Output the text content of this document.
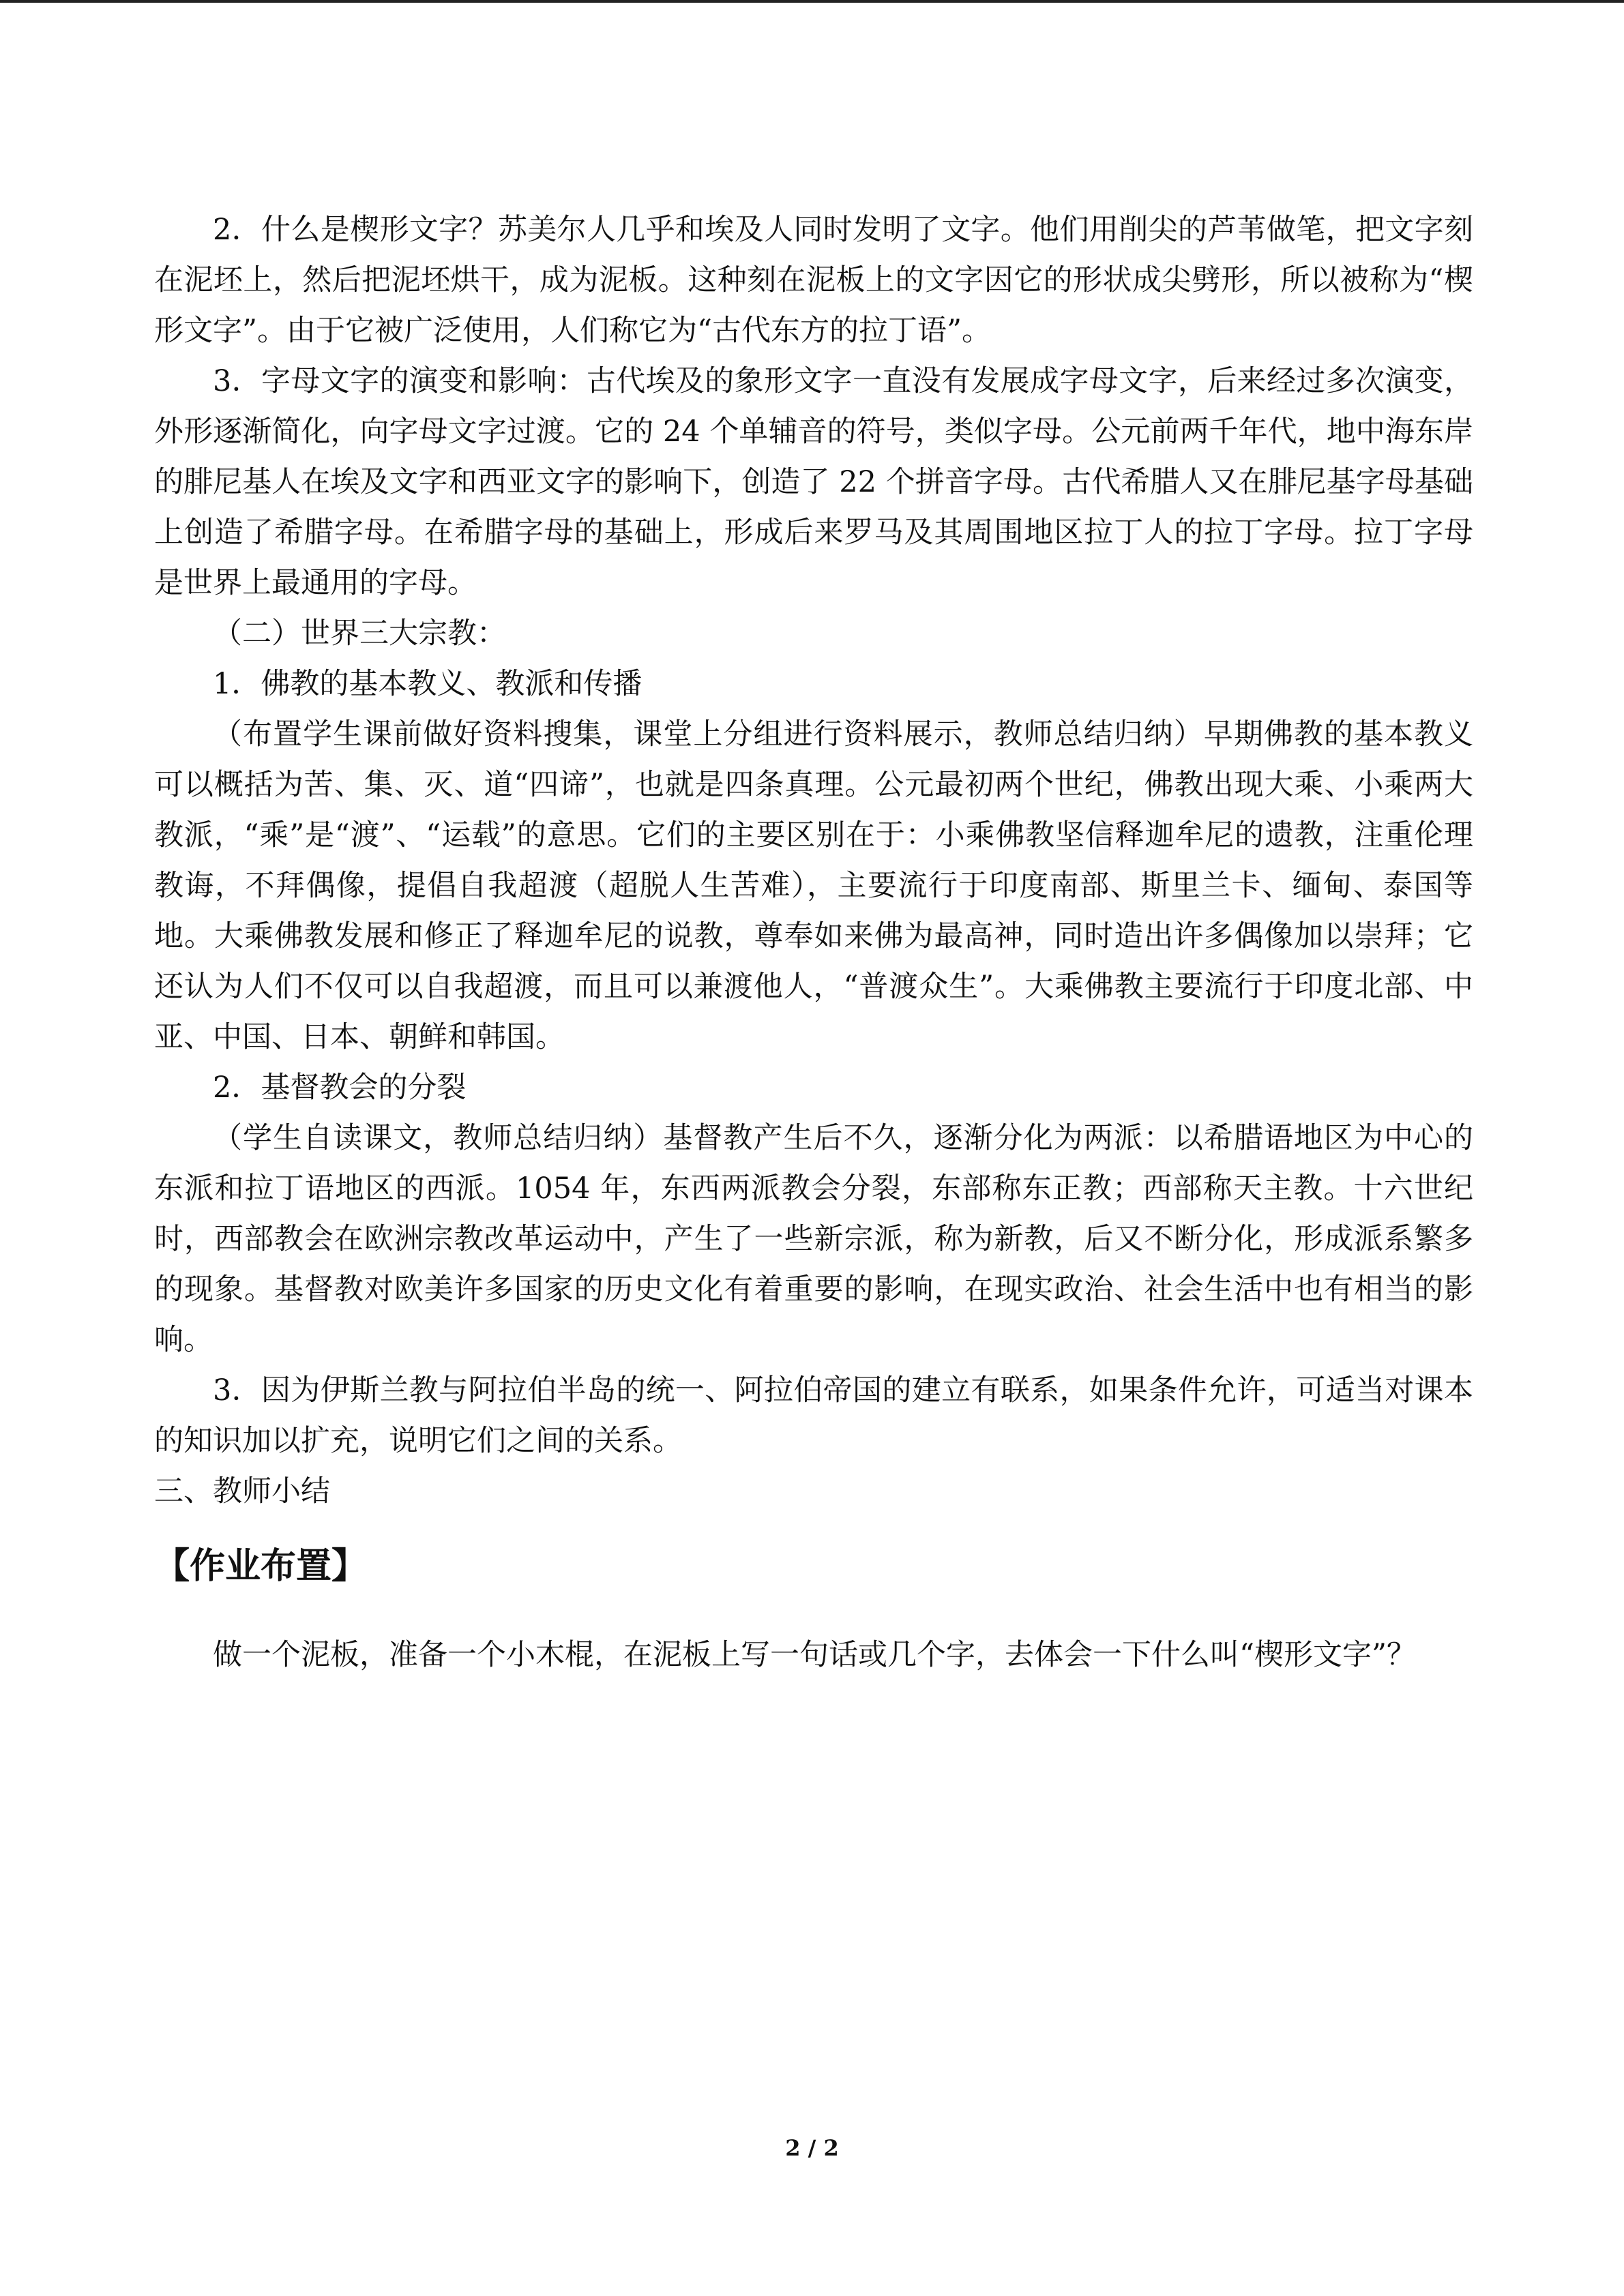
2．什么是楔形文字？苏美尔人几乎和埃及人同时发明了文字。他们用削尖的芦苇做笔，把文字刻在泥坯上，然后把泥坯烘干，成为泥板。这种刻在泥板上的文字因它的形状成尖劈形，所以被称为“楔形文字”。由于它被广泛使用，人们称它为“古代东方的拉丁语”。

3．字母文字的演变和影响：古代埃及的象形文字一直没有发展成字母文字，后来经过多次演变，外形逐渐简化，向字母文字过渡。它的 24 个单辅音的符号，类似字母。公元前两千年代，地中海东岸的腓尼基人在埃及文字和西亚文字的影响下，创造了 22 个拼音字母。古代希腊人又在腓尼基字母基础上创造了希腊字母。在希腊字母的基础上，形成后来罗马及其周围地区拉丁人的拉丁字母。拉丁字母是世界上最通用的字母。

（二）世界三大宗教：

1．佛教的基本教义、教派和传播

（布置学生课前做好资料搜集，课堂上分组进行资料展示，教师总结归纳）早期佛教的基本教义可以概括为苦、集、灭、道“四谛”，也就是四条真理。公元最初两个世纪，佛教出现大乘、小乘两大教派，“乘”是“渡”、“运载”的意思。它们的主要区别在于：小乘佛教坚信释迦牟尼的遗教，注重伦理教诲，不拜偶像，提倡自我超渡（超脱人生苦难），主要流行于印度南部、斯里兰卡、缅甸、泰国等地。大乘佛教发展和修正了释迦牟尼的说教，尊奉如来佛为最高神，同时造出许多偶像加以崇拜；它还认为人们不仅可以自我超渡，而且可以兼渡他人，“普渡众生”。大乘佛教主要流行于印度北部、中亚、中国、日本、朝鲜和韩国。

2．基督教会的分裂

（学生自读课文，教师总结归纳）基督教产生后不久，逐渐分化为两派：以希腊语地区为中心的东派和拉丁语地区的西派。1054 年，东西两派教会分裂，东部称东正教；西部称天主教。十六世纪时，西部教会在欧洲宗教改革运动中，产生了一些新宗派，称为新教，后又不断分化，形成派系繁多的现象。基督教对欧美许多国家的历史文化有着重要的影响，在现实政治、社会生活中也有相当的影响。

3．因为伊斯兰教与阿拉伯半岛的统一、阿拉伯帝国的建立有联系，如果条件允许，可适当对课本的知识加以扩充，说明它们之间的关系。

三、教师小结

【作业布置】

做一个泥板，准备一个小木棍，在泥板上写一句话或几个字，去体会一下什么叫“楔形文字”？

2 / 2
